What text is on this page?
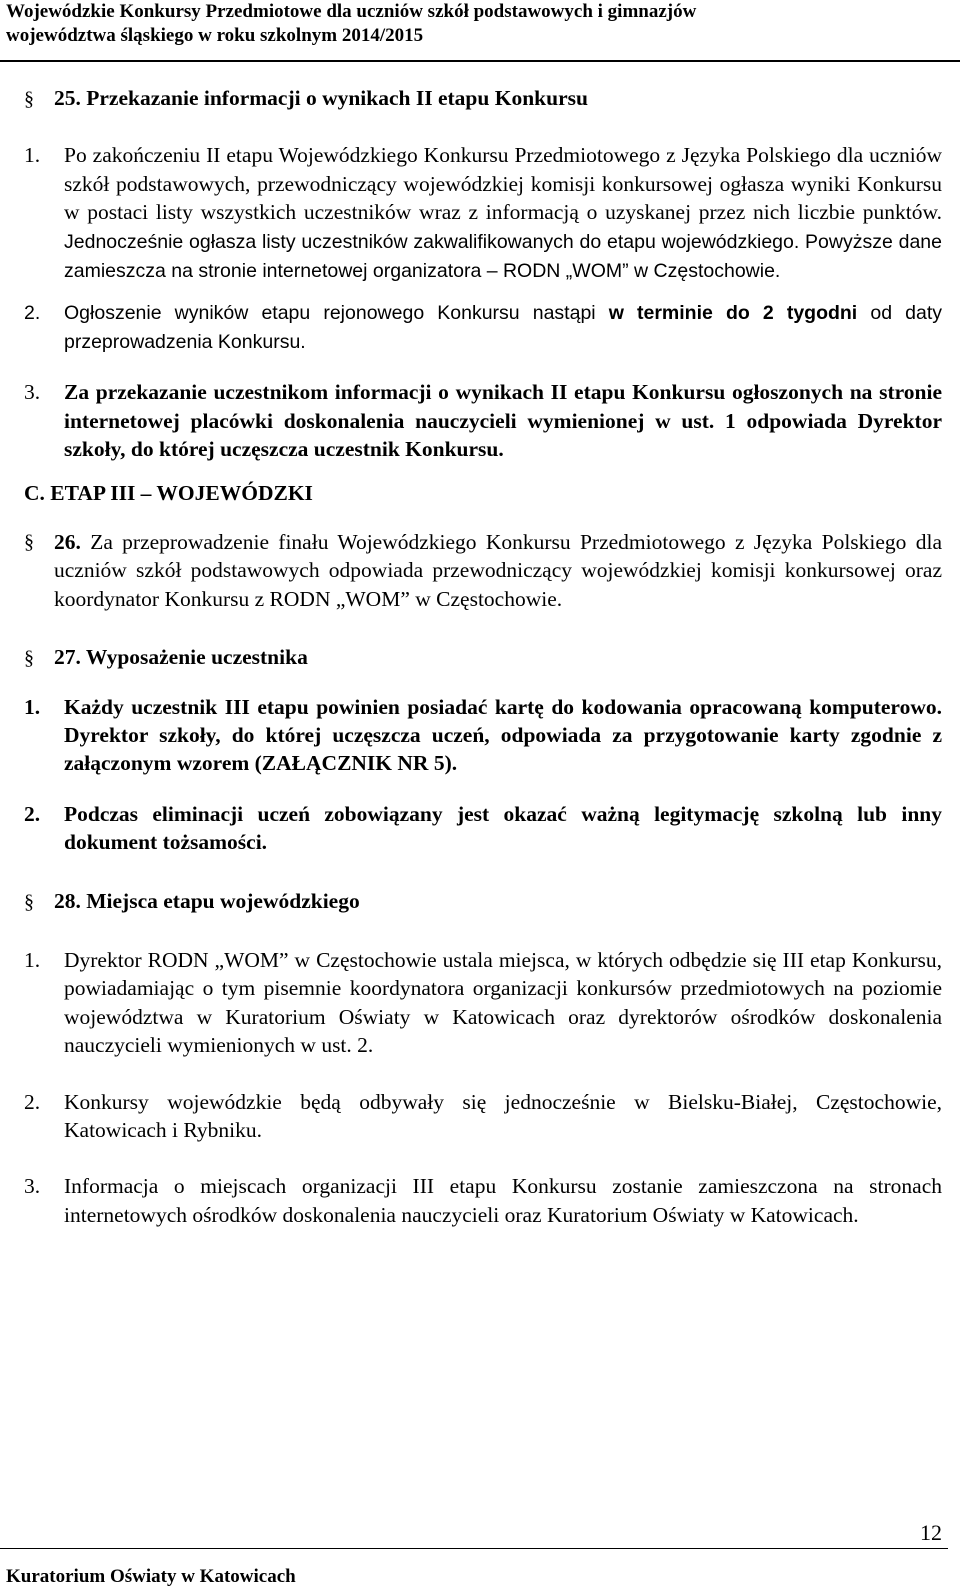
Wojewódzkie Konkursy Przedmiotowe dla uczniów szkół podstawowych i gimnazjów
województwa śląskiego w roku szkolnym 2014/2015
§ 25. Przekazanie informacji o wynikach II etapu Konkursu
1.	Po zakończeniu II etapu Wojewódzkiego Konkursu Przedmiotowego z Języka Polskiego dla uczniów szkół podstawowych, przewodniczący wojewódzkiej komisji konkursowej ogłasza wyniki Konkursu w postaci listy wszystkich uczestników wraz z informacją o uzyskanej przez nich liczbie punktów. Jednocześnie ogłasza listy uczestników zakwalifikowanych do etapu wojewódzkiego. Powyższe dane zamieszcza na stronie internetowej organizatora – RODN „WOM” w Częstochowie.
2.	Ogłoszenie wyników etapu rejonowego Konkursu nastąpi w terminie do 2 tygodni od daty przeprowadzenia Konkursu.
3.	Za przekazanie uczestnikom informacji o wynikach II etapu Konkursu ogłoszonych na stronie internetowej placówki doskonalenia nauczycieli wymienionej w ust. 1 odpowiada Dyrektor szkoły, do której uczęszcza uczestnik Konkursu.
C. ETAP III – WOJEWÓDZKI
§ 26. Za przeprowadzenie finału Wojewódzkiego Konkursu Przedmiotowego z Języka Polskiego dla uczniów szkół podstawowych odpowiada przewodniczący wojewódzkiej komisji konkursowej oraz koordynator Konkursu z RODN „WOM” w Częstochowie.
§ 27. Wyposażenie uczestnika
1.	Każdy uczestnik III etapu powinien posiadać kartę do kodowania opracowaną komputerowo. Dyrektor szkoły, do której uczęszcza uczeń, odpowiada za przygotowanie karty zgodnie z załączonym wzorem (ZAŁĄCZNIK NR 5).
2.	Podczas eliminacji uczeń zobowiązany jest okazać ważną legitymację szkolną lub inny dokument tożsamości.
§ 28. Miejsca etapu wojewódzkiego
1.	Dyrektor RODN „WOM” w Częstochowie ustala miejsca, w których odbędzie się III etap Konkursu, powiadamiając o tym pisemnie koordynatora organizacji konkursów przedmiotowych na poziomie województwa w Kuratorium Oświaty w Katowicach oraz dyrektorów ośrodków doskonalenia nauczycieli wymienionych w ust. 2.
2.	Konkursy wojewódzkie będą odbywały się jednocześnie w Bielsku-Białej, Częstochowie, Katowicach i Rybniku.
3.	Informacja o miejscach organizacji III etapu Konkursu zostanie zamieszczona na stronach internetowych ośrodków doskonalenia nauczycieli oraz Kuratorium Oświaty w Katowicach.
12
Kuratorium Oświaty w Katowicach
